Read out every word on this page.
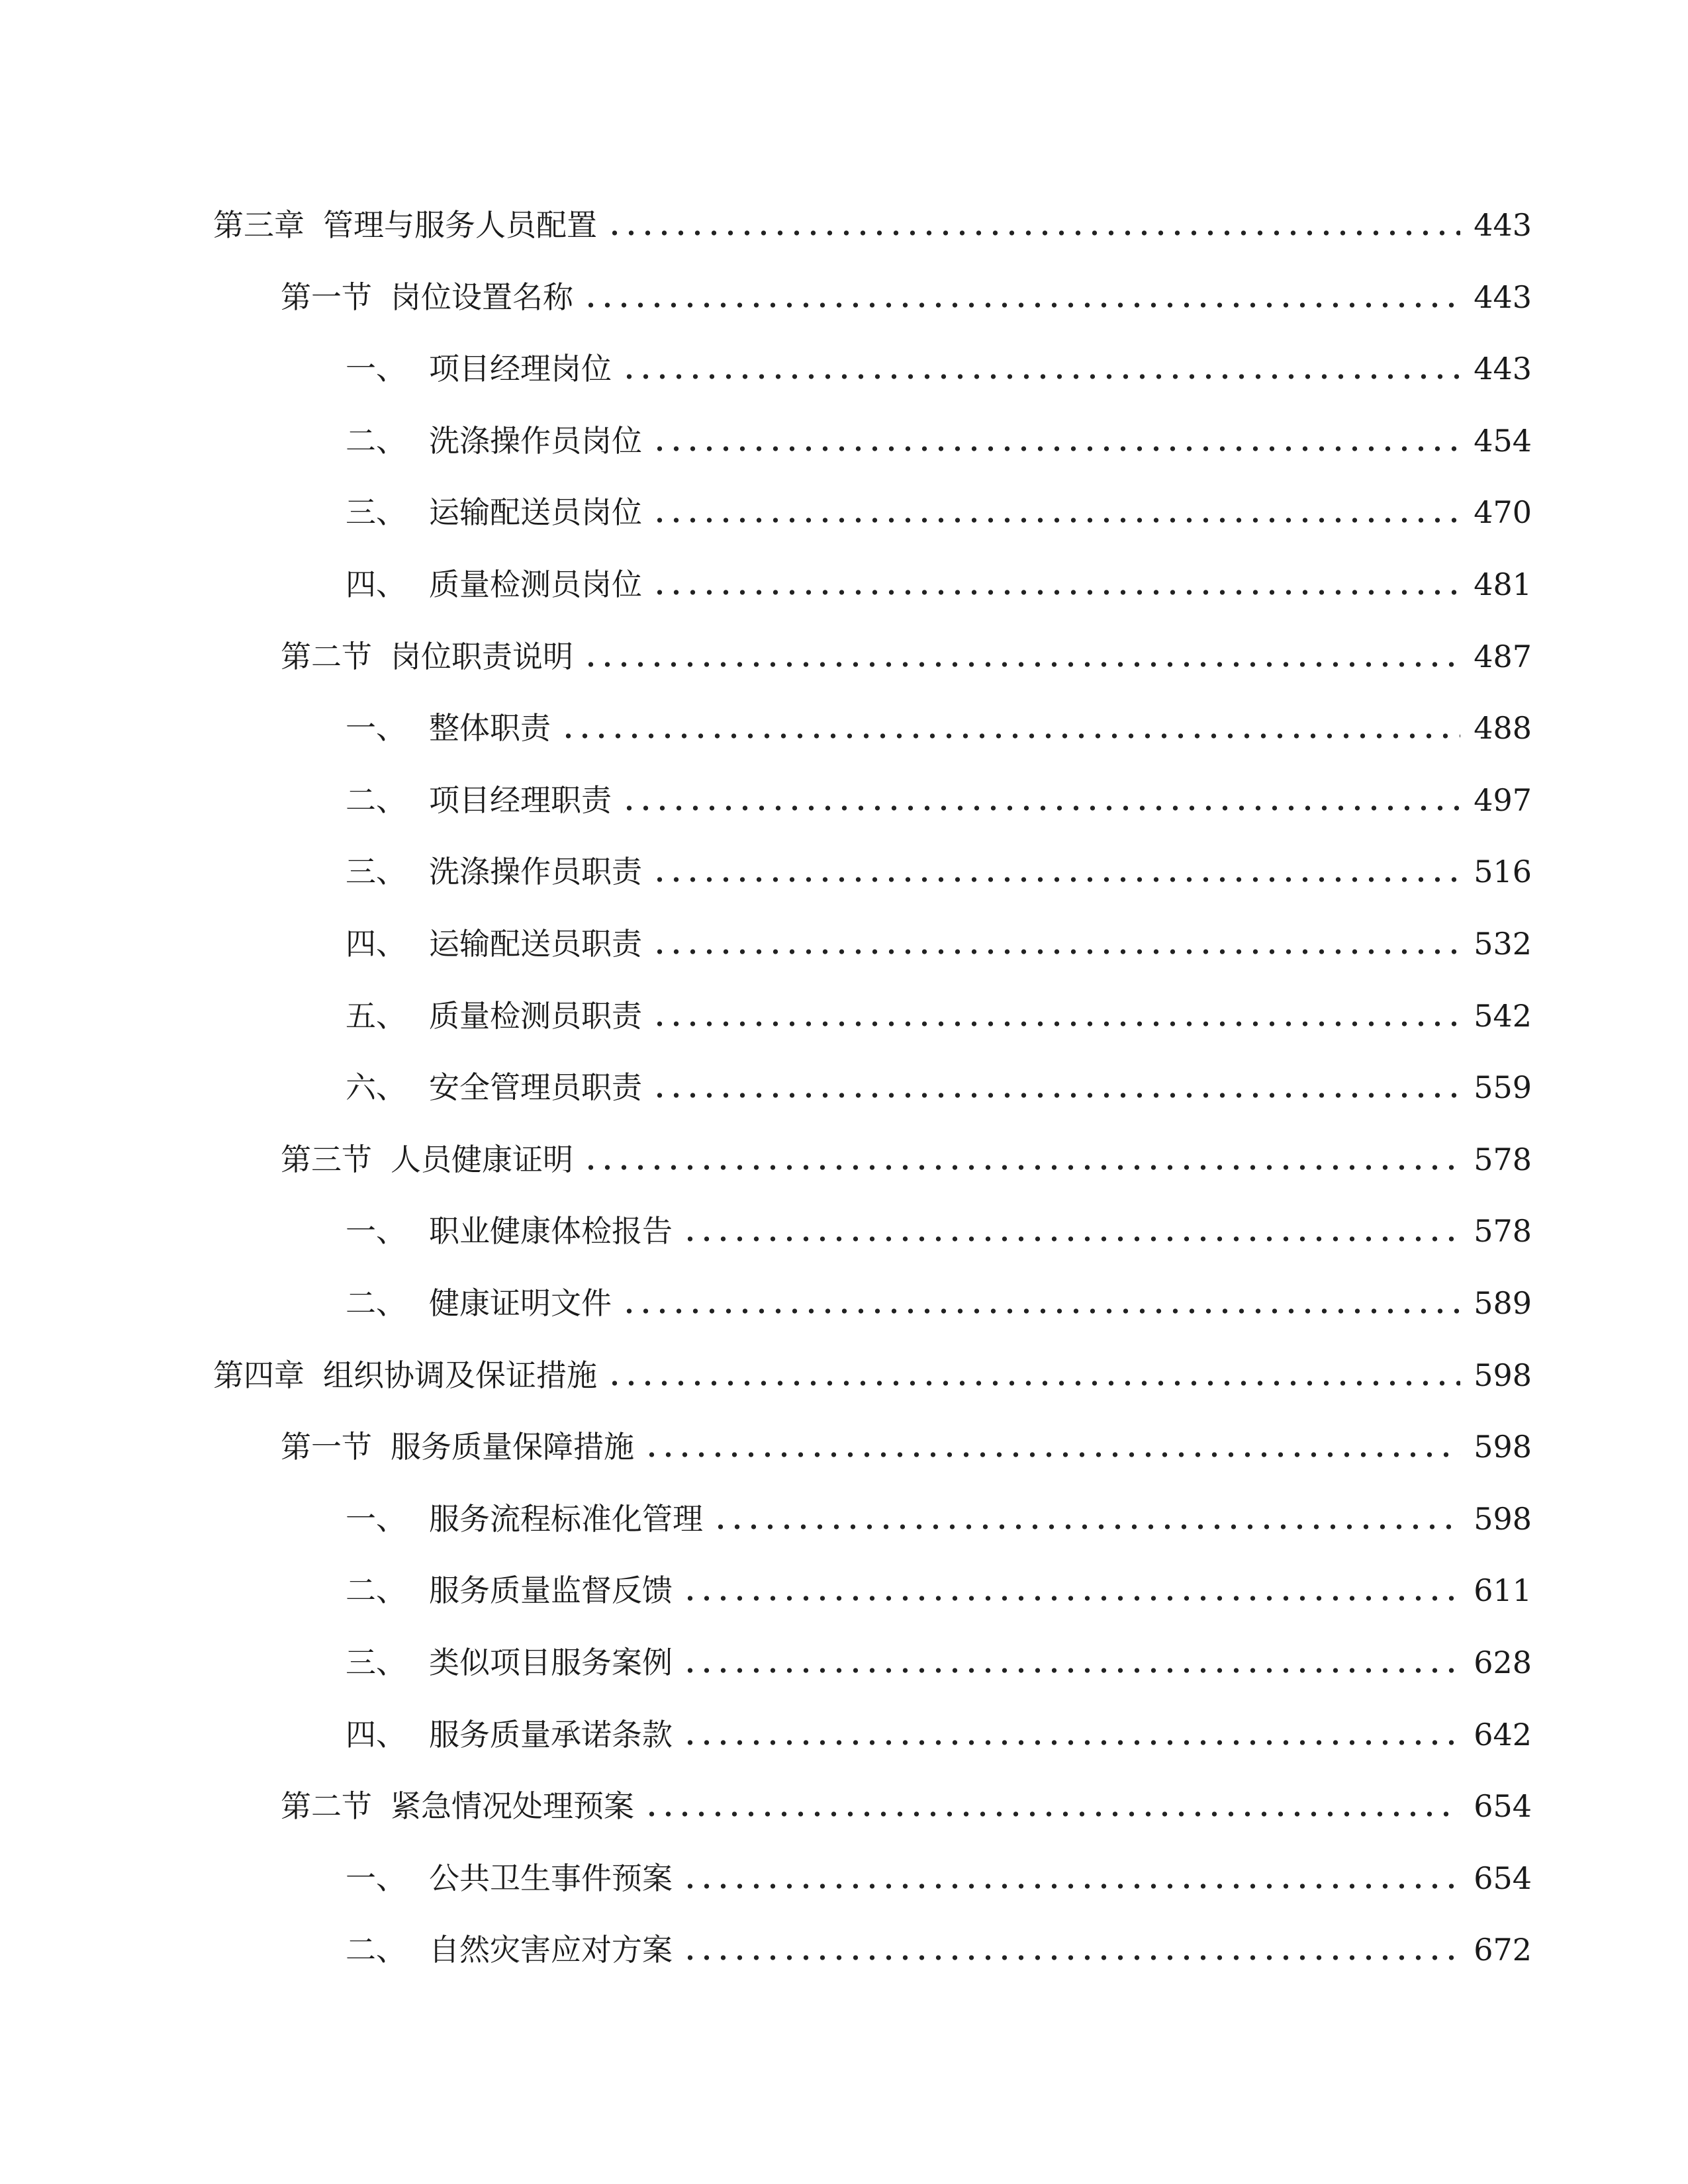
第三章 管理与服务人员配置	443
第一节 岗位设置名称	443
一、 项目经理岗位	443
二、 洗涤操作员岗位	454
三、 运输配送员岗位	470
四、 质量检测员岗位	481
第二节 岗位职责说明	487
一、 整体职责	488
二、 项目经理职责	497
三、 洗涤操作员职责	516
四、 运输配送员职责	532
五、 质量检测员职责	542
六、 安全管理员职责	559
第三节 人员健康证明	578
一、 职业健康体检报告	578
二、 健康证明文件	589
第四章 组织协调及保证措施	598
第一节 服务质量保障措施	598
一、 服务流程标准化管理	598
二、 服务质量监督反馈	611
三、 类似项目服务案例	628
四、 服务质量承诺条款	642
第二节 紧急情况处理预案	654
一、 公共卫生事件预案	654
二、 自然灾害应对方案	672
